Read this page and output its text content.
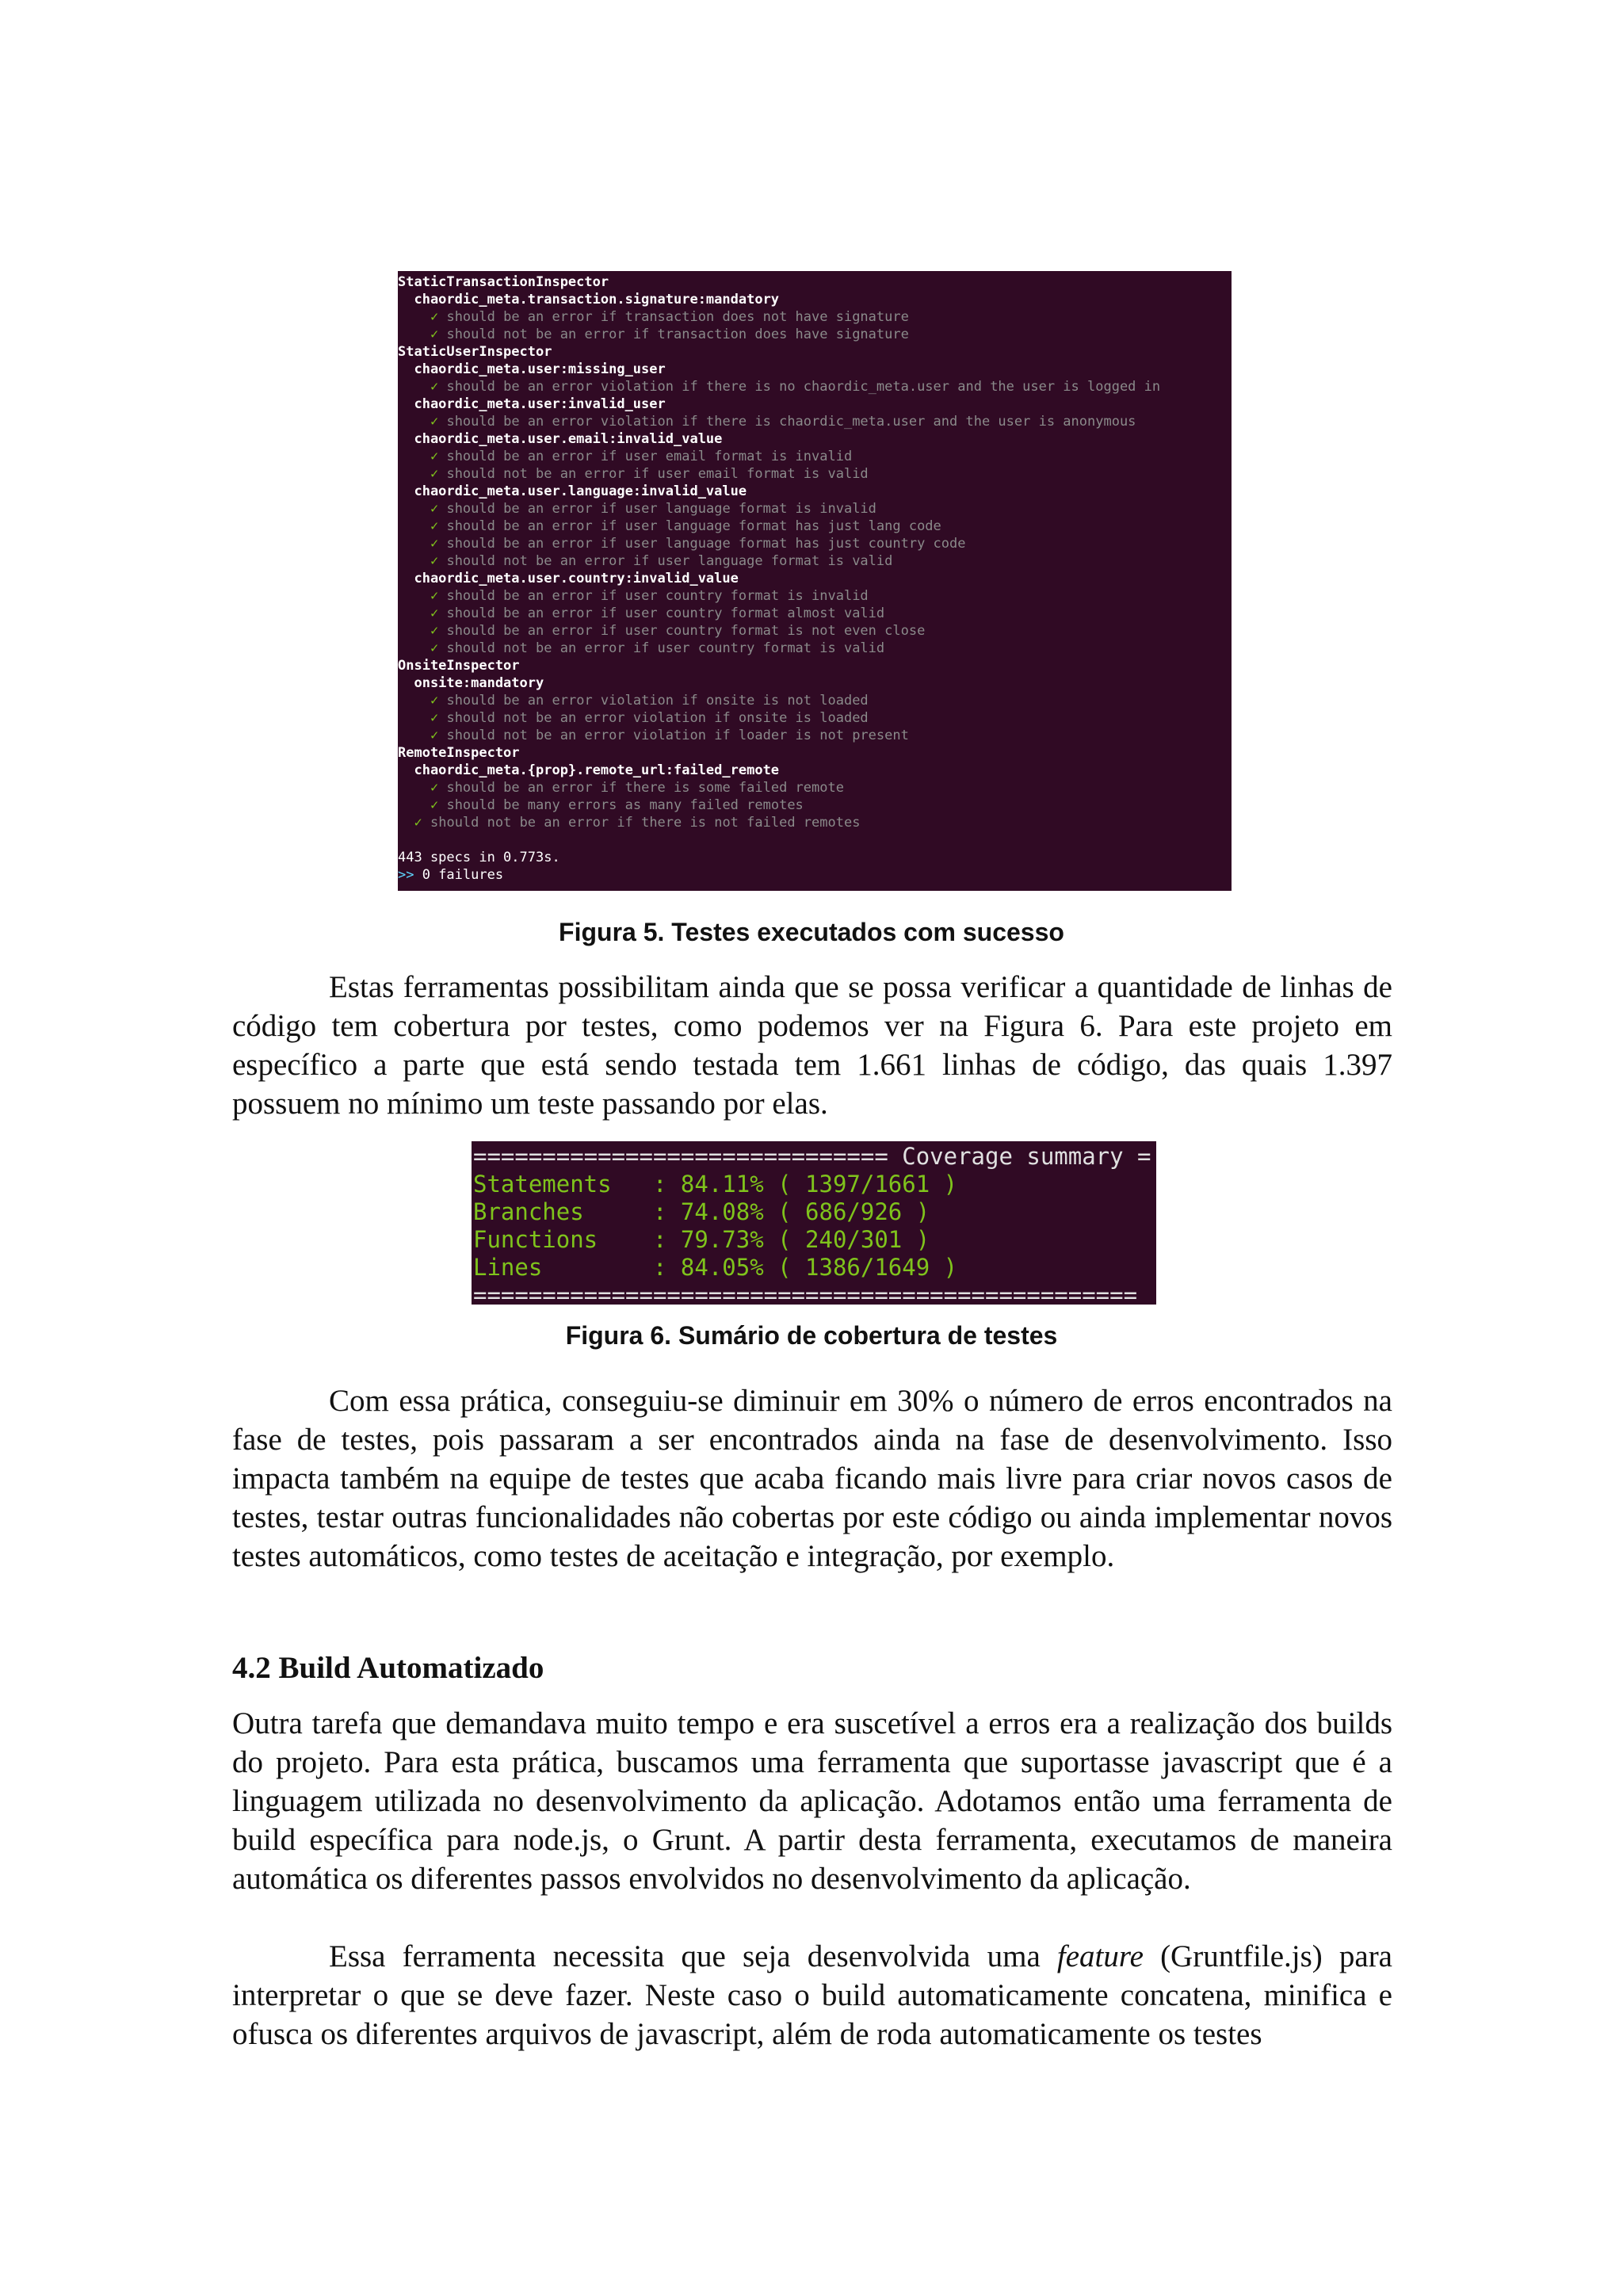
StaticTransactionInspector
chaordic_meta.transaction.signature:mandatory
✓ should be an error if transaction does not have signature
✓ should not be an error if transaction does have signature
StaticUserInspector
chaordic_meta.user:missing_user
✓ should be an error violation if there is no chaordic_meta.user and the user is logged in
chaordic_meta.user:invalid_user
✓ should be an error violation if there is chaordic_meta.user and the user is anonymous
chaordic_meta.user.email:invalid_value
✓ should be an error if user email format is invalid
✓ should not be an error if user email format is valid
chaordic_meta.user.language:invalid_value
✓ should be an error if user language format is invalid
✓ should be an error if user language format has just lang code
✓ should be an error if user language format has just country code
✓ should not be an error if user language format is valid
chaordic_meta.user.country:invalid_value
✓ should be an error if user country format is invalid
✓ should be an error if user country format almost valid
✓ should be an error if user country format is not even close
✓ should not be an error if user country format is valid
OnsiteInspector
onsite:mandatory
✓ should be an error violation if onsite is not loaded
✓ should not be an error violation if onsite is loaded
✓ should not be an error violation if loader is not present
RemoteInspector
chaordic_meta.{prop}.remote_url:failed_remote
✓ should be an error if there is some failed remote
✓ should be many errors as many failed remotes
✓ should not be an error if there is not failed remotes
443 specs in 0.773s.
>> 0 failures
Figura 5. Testes executados com sucesso

Estas ferramentas possibilitam ainda que se possa verificar a quantidade de linhas de código tem cobertura por testes, como podemos ver na Figura 6. Para este projeto em específico a parte que está sendo testada tem 1.661 linhas de código, das quais 1.397 possuem no mínimo um teste passando por elas.

============================== Coverage summary =
Statements   : 84.11% ( 1397/1661 )
Branches     : 74.08% ( 686/926 )
Functions    : 79.73% ( 240/301 )
Lines        : 84.05% ( 1386/1649 )
================================================
Figura 6. Sumário de cobertura de testes

Com essa prática, conseguiu-se diminuir em 30% o número de erros encontrados na fase de testes, pois passaram a ser encontrados ainda na fase de desenvolvimento. Isso impacta também na equipe de testes que acaba ficando mais livre para criar novos casos de testes, testar outras funcionalidades não cobertas por este código ou ainda implementar novos testes automáticos, como testes de aceitação e integração, por exemplo.

4.2 Build Automatizado

Outra tarefa que demandava muito tempo e era suscetível a erros era a realização dos builds do projeto. Para esta prática, buscamos uma ferramenta que suportasse javascript que é a linguagem utilizada no desenvolvimento da aplicação. Adotamos então uma ferramenta de build específica para node.js, o Grunt. A partir desta ferramenta, executamos de maneira automática os diferentes passos envolvidos no desenvolvimento da aplicação.

Essa ferramenta necessita que seja desenvolvida uma feature (Gruntfile.js) para interpretar o que se deve fazer. Neste caso o build automaticamente concatena, minifica e ofusca os diferentes arquivos de javascript, além de roda automaticamente os testes
